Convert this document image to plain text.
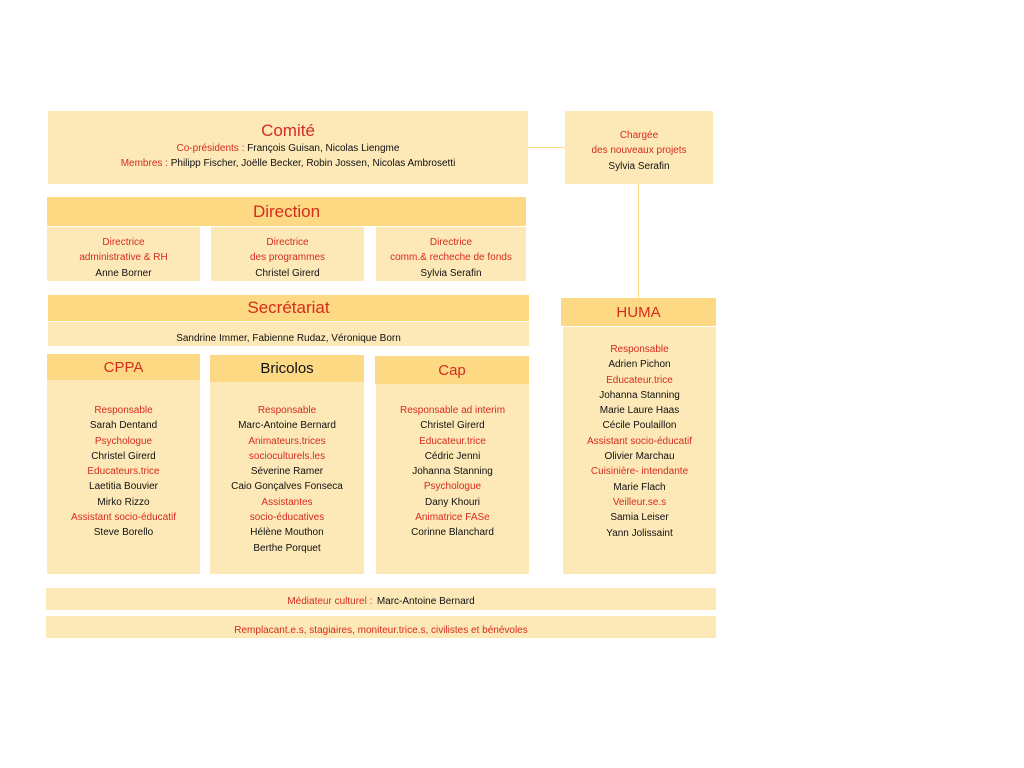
Comité
Co-présidents : François Guisan, Nicolas Liengme
Membres : Philipp Fischer, Joëlle Becker, Robin Jossen, Nicolas Ambrosetti
Chargée
des nouveaux projets
Sylvia Serafin
Direction
Directrice
administrative & RH
Anne Borner
Directrice
des programmes
Christel Girerd
Directrice
comm.& recheche de fonds
Sylvia Serafin
Secrétariat
Sandrine Immer, Fabienne Rudaz, Véronique Born
HUMA
Responsable
Adrien Pichon
Educateur.trice
Johanna Stanning
Marie Laure Haas
Cécile Poulaillon
Assistant socio-éducatif
Olivier Marchau
Cuisinière- intendante
Marie Flach
Veilleur.se.s
Samia Leiser
Yann Jolissaint
CPPA
Responsable
Sarah Dentand
Psychologue
Christel Girerd
Educateurs.trice
Laetitia Bouvier
Mirko Rizzo
Assistant socio-éducatif
Steve Borello
Bricolos
Responsable
Marc-Antoine Bernard
Animateurs.trices
socioculturels.les
Séverine Ramer
Caio Gonçalves Fonseca
Assistantes
socio-éducatives
Hélène Mouthon
Berthe Porquet
Cap
Responsable ad interim
Christel Girerd
Educateur.trice
Cédric Jenni
Johanna Stanning
Psychologue
Dany Khouri
Animatrice FASe
Corinne Blanchard
Médiateur culturel : Marc-Antoine Bernard
Remplacant.e.s, stagiaires, moniteur.trice.s, civilistes et bénévoles
